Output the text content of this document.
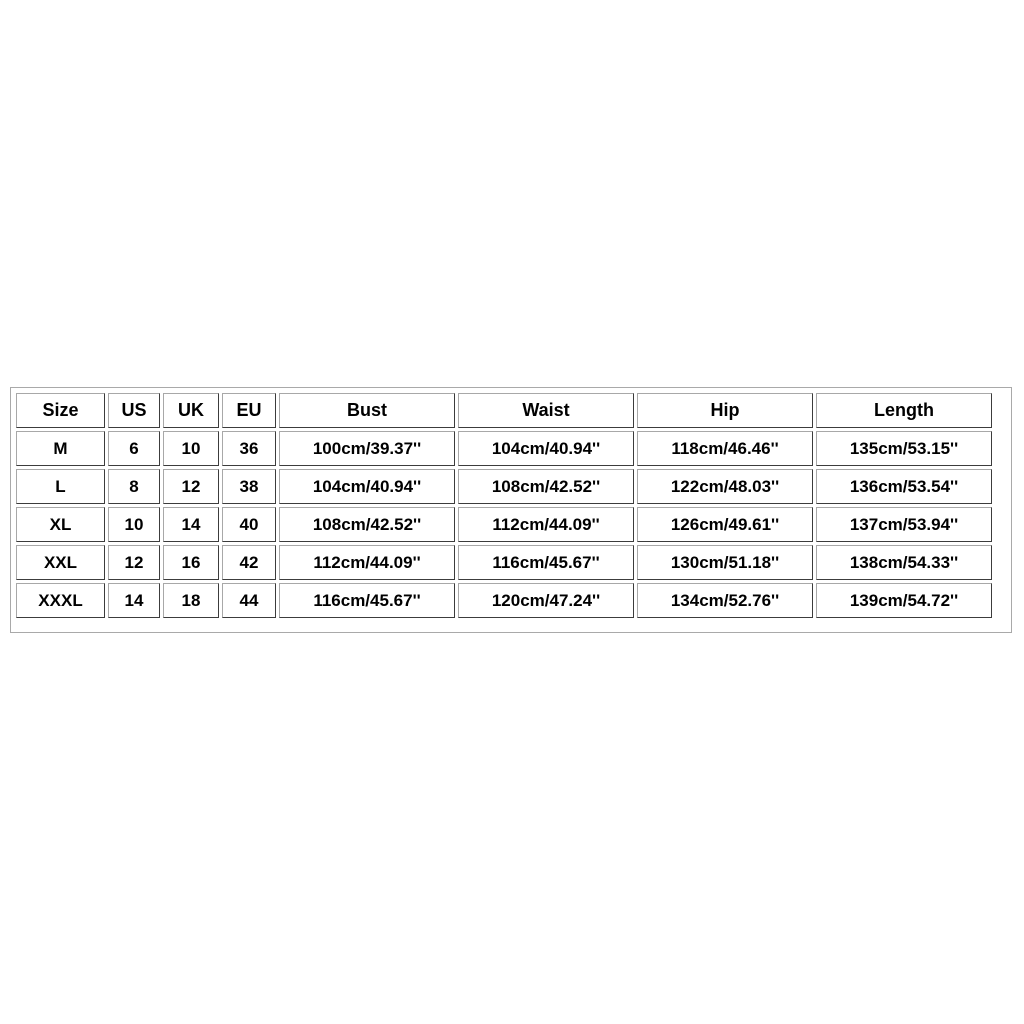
Size	US	UK	EU	Bust	Waist	Hip	Length
M	6	10	36	100cm/39.37''	104cm/40.94''	118cm/46.46''	135cm/53.15''
L	8	12	38	104cm/40.94''	108cm/42.52''	122cm/48.03''	136cm/53.54''
XL	10	14	40	108cm/42.52''	112cm/44.09''	126cm/49.61''	137cm/53.94''
XXL	12	16	42	112cm/44.09''	116cm/45.67''	130cm/51.18''	138cm/54.33''
XXXL	14	18	44	116cm/45.67''	120cm/47.24''	134cm/52.76''	139cm/54.72''
